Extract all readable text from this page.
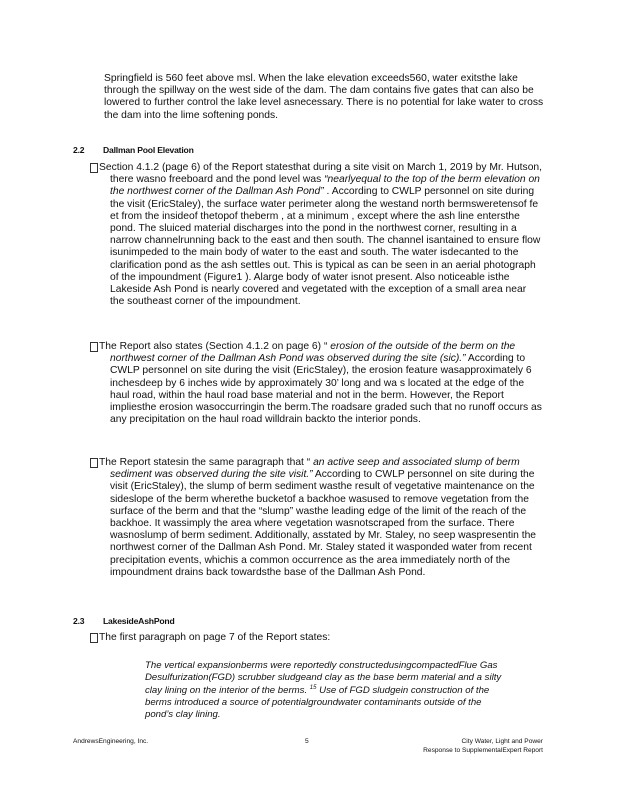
Springfield is 560 feet above msl. When the lake elevation exceeds560, water exitsthe lake through the spillway on the west side of the dam. The dam contains five gates that can also be lowered to further control the lake level asnecessary. There is no potential for lake water to cross the dam into the lime softening ponds.

2.2 Dallman Pool Elevation
Section 4.1.2 (page 6) of the Report statesthat during a site visit on March 1, 2019 by Mr. Hutson, there wasno freeboard and the pond level was “nearlyequal to the top of the berm elevation on the northwest corner of the Dallman Ash Pond” . According to CWLP personnel on site during the visit (EricStaley), the surface water perimeter along the westand north bermsweretensof fe et from the insideof thetopof theberm , at a minimum , except where the ash line entersthe pond. The sluiced material discharges into the pond in the northwest corner, resulting in a narrow channelrunning back to the east and then south. The channel isantained to ensure flow isunimpeded to the main body of water to the east and south. The water isdecanted to the clarification pond as the ash settles out. This is typical as can be seen in an aerial photograph of the impoundment (Figure1 ). Alarge body of water isnot present. Also noticeable isthe Lakeside Ash Pond is nearly covered and vegetated with the exception of a small area near the southeast corner of the impoundment.
The Report also states (Section 4.1.2 on page 6) “ erosion of the outside of the berm on the northwest corner of the Dallman Ash Pond was observed during the site (sic).” According to CWLP personnel on site during the visit (EricStaley), the erosion feature wasapproximately 6 inchesdeep by 6 inches wide by approximately 30’ long and wa s located at the edge of the haul road, within the haul road base material and not in the berm. However, the Report impliesthe erosion wasoccurringin the berm.The roadsare graded such that no runoff occurs as any precipitation on the haul road willdrain backto the interior ponds.
The Report statesin the same paragraph that “ an active seep and associated slump of berm sediment was observed during the site visit.” According to CWLP personnel on site during the visit (EricStaley), the slump of berm sediment wasthe result of vegetative maintenance on the sideslope of the berm wherethe bucketof a backhoe wasused to remove vegetation from the surface of the berm and that the “slump” wasthe leading edge of the limit of the reach of the backhoe. It wassimply the area where vegetation wasnotscraped from the surface. There wasnoslump of berm sediment. Additionally, asstated by Mr. Staley, no seep waspresentin the northwest corner of the Dallman Ash Pond. Mr. Staley stated it wasponded water from recent precipitation events, whichis a common occurrence as the area immediately north of the impoundment drains back towardsthe base of the Dallman Ash Pond.
2.3 LakesideAshPond
The first paragraph on page 7 of the Report states:
The vertical expansionberms were reportedly constructedusingcompactedFlue Gas Desulfurization(FGD) scrubber sludgeand clay as the base berm material and a silty clay lining on the interior of the berms. $^{15}$ Use of FGD sludgein construction of the berms introduced a source of potentialgroundwater contaminants outside of the pond’s clay lining.
AndrewsEngineering, Inc.	5	City Water, Light and Power
Response to SupplementalExpert Report
